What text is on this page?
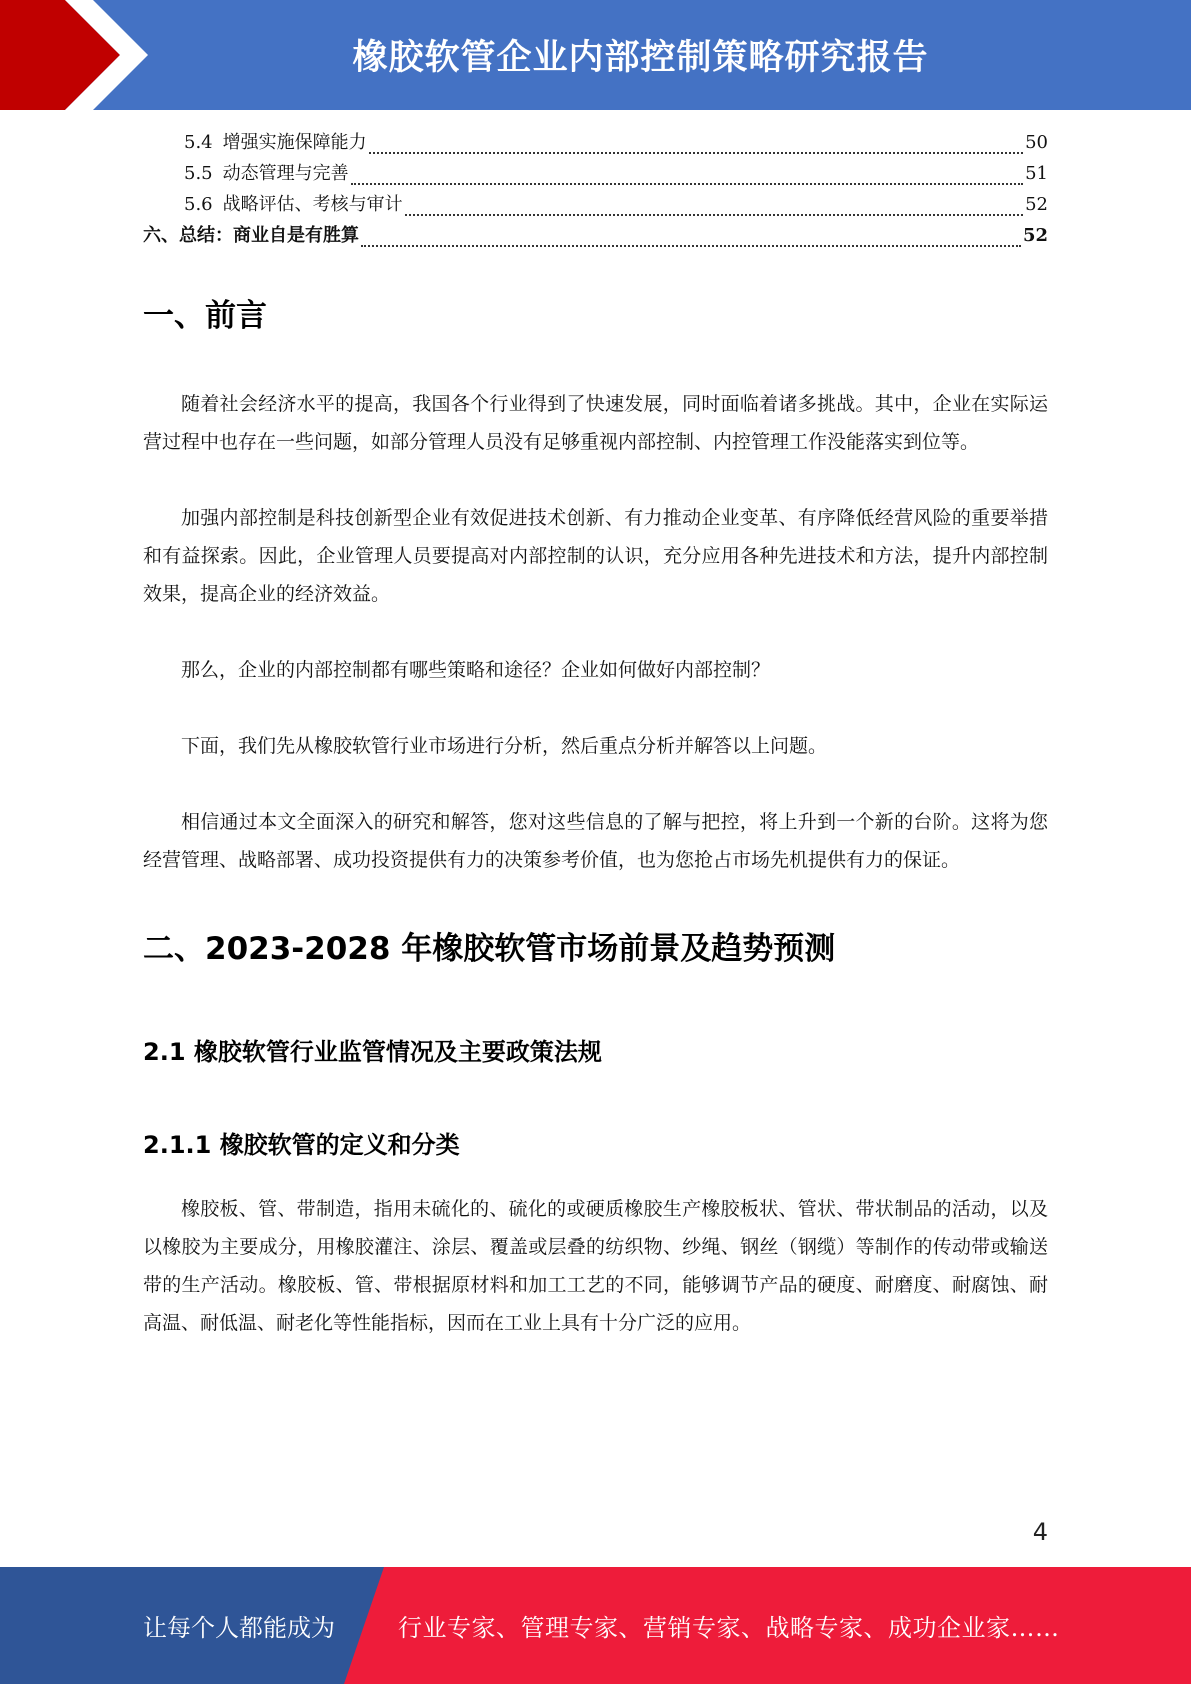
橡胶软管企业内部控制策略研究报告
5.4 增强实施保障能力	50
5.5 动态管理与完善	51
5.6 战略评估、考核与审计	52
六、总结：商业自是有胜算	52
一、前言

随着社会经济水平的提高，我国各个行业得到了快速发展，同时面临着诸多挑战。其中，企业在实际运营过程中也存在一些问题，如部分管理人员没有足够重视内部控制、内控管理工作没能落实到位等。

加强内部控制是科技创新型企业有效促进技术创新、有力推动企业变革、有序降低经营风险的重要举措和有益探索。因此，企业管理人员要提高对内部控制的认识，充分应用各种先进技术和方法，提升内部控制效果，提高企业的经济效益。

那么，企业的内部控制都有哪些策略和途径？企业如何做好内部控制？

下面，我们先从橡胶软管行业市场进行分析，然后重点分析并解答以上问题。

相信通过本文全面深入的研究和解答，您对这些信息的了解与把控，将上升到一个新的台阶。这将为您经营管理、战略部署、成功投资提供有力的决策参考价值，也为您抢占市场先机提供有力的保证。

二、2023-2028 年橡胶软管市场前景及趋势预测
2.1 橡胶软管行业监管情况及主要政策法规
2.1.1 橡胶软管的定义和分类

橡胶板、管、带制造，指用未硫化的、硫化的或硬质橡胶生产橡胶板状、管状、带状制品的活动，以及以橡胶为主要成分，用橡胶灌注、涂层、覆盖或层叠的纺织物、纱绳、钢丝（钢缆）等制作的传动带或输送带的生产活动。橡胶板、管、带根据原材料和加工工艺的不同，能够调节产品的硬度、耐磨度、耐腐蚀、耐高温、耐低温、耐老化等性能指标，因而在工业上具有十分广泛的应用。

4
让每个人都能成为	行业专家、管理专家、营销专家、战略专家、成功企业家……
